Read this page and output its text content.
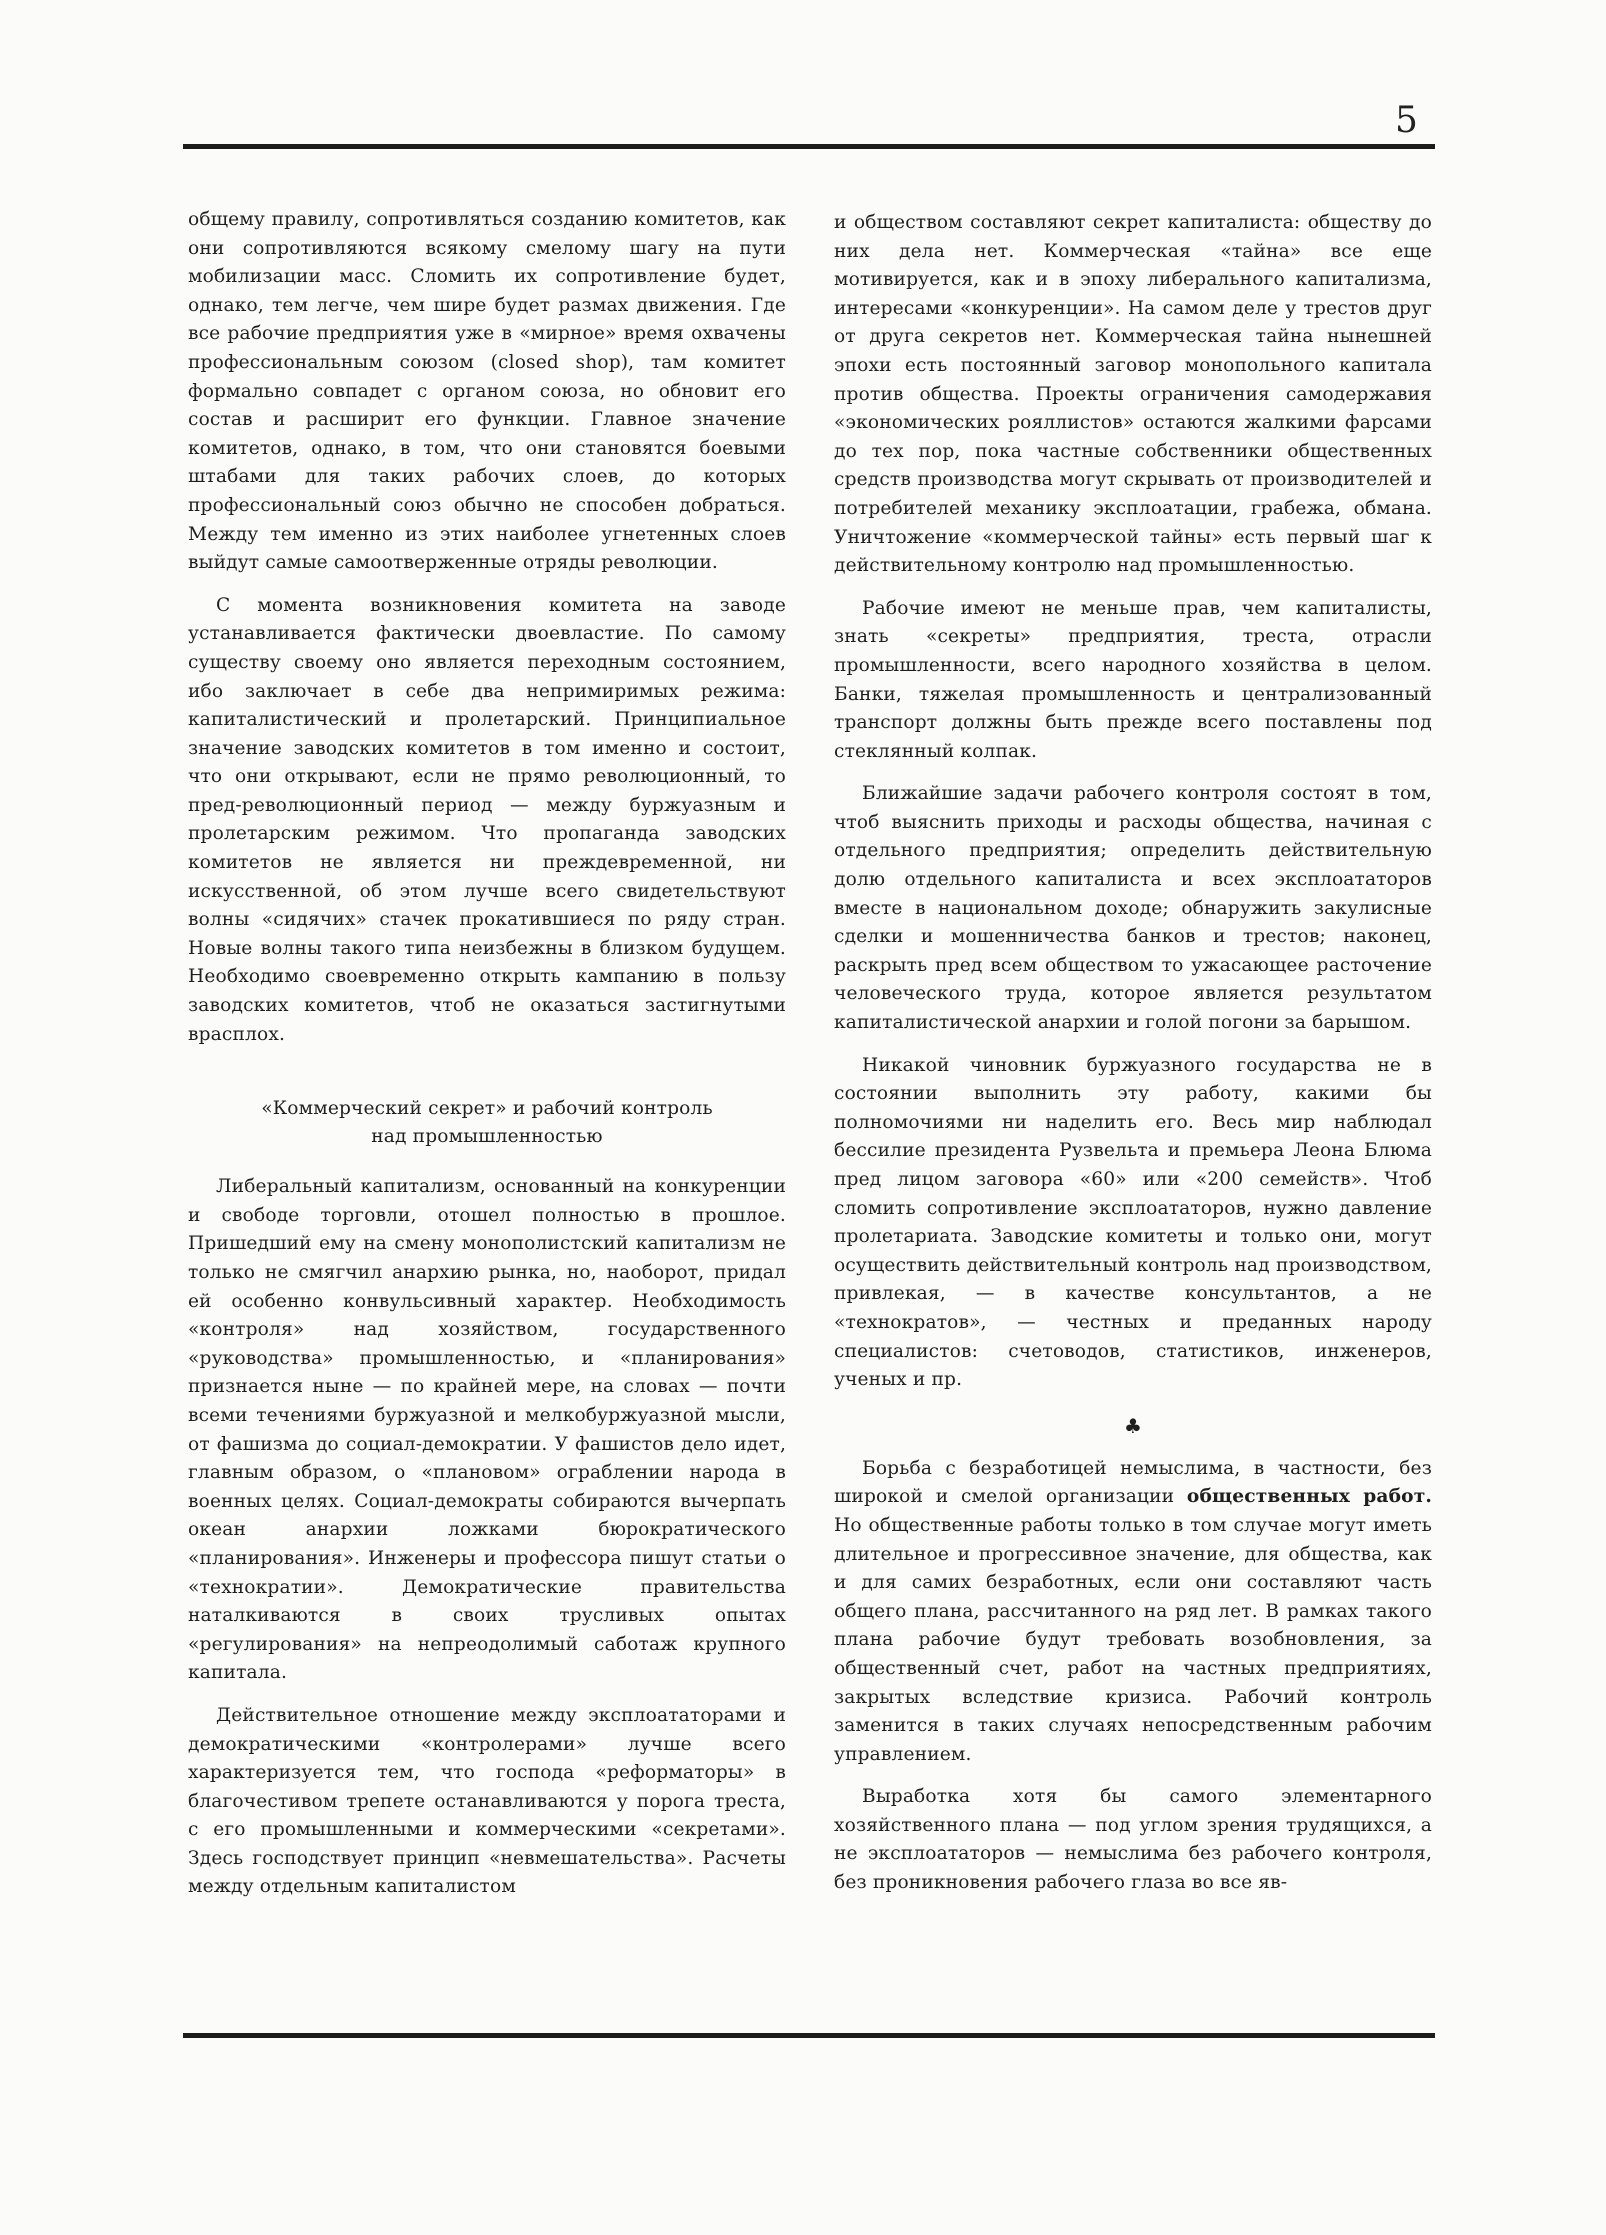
5

общему правилу, сопротивляться созданию комитетов, как они сопротивляются всякому смелому шагу на пути мобилизации масс. Сломить их сопротивление будет, однако, тем легче, чем шире будет размах движения. Где все рабочие предприятия уже в «мирное» время охвачены профессиональным союзом (closed shop), там комитет формально совпадет с органом союза, но обновит его состав и расширит его функции. Главное значение комитетов, однако, в том, что они становятся боевыми штабами для таких рабочих слоев, до которых профессиональный союз обычно не способен добраться. Между тем именно из этих наиболее угнетенных слоев выйдут самые самоотверженные отряды революции.

С момента возникновения комитета на заводе устанавливается фактически двоевластие. По самому существу своему оно является переходным состоянием, ибо заключает в себе два непримиримых режима: капиталистический и пролетарский. Принципиальное значение заводских комитетов в том именно и состоит, что они открывают, если не прямо революционный, то пред-революционный период — между буржуазным и пролетарским режимом. Что пропаганда заводских комитетов не является ни преждевременной, ни искусственной, об этом лучше всего свидетельствуют волны «сидячих» стачек прокатившиеся по ряду стран. Новые волны такого типа неизбежны в близком будущем. Необходимо своевременно открыть кампанию в пользу заводских комитетов, чтоб не оказаться застигнутыми врасплох.

«Коммерческий секрет» и рабочий контроль
над промышленностью

Либеральный капитализм, основанный на конкуренции и свободе торговли, отошел полностью в прошлое. Пришедший ему на смену монополистский капитализм не только не смягчил анархию рынка, но, наоборот, придал ей особенно конвульсивный характер. Необходимость «контроля» над хозяйством, государственного «руководства» промышленностью, и «планирования» признается ныне — по крайней мере, на словах — почти всеми течениями буржуазной и мелкобуржуазной мысли, от фашизма до социал-демократии. У фашистов дело идет, главным образом, о «плановом» ограблении народа в военных целях. Социал-демократы собираются вычерпать океан анархии ложками бюрократического «планирования». Инженеры и профессора пишут статьи о «технократии». Демократические правительства наталкиваются в своих трусливых опытах «регулирования» на непреодолимый саботаж крупного капитала.

Действительное отношение между эксплоататорами и демократическими «контролерами» лучше всего характеризуется тем, что господа «реформаторы» в благочестивом трепете останавливаются у порога треста, с его промышленными и коммерческими «секретами». Здесь господствует принцип «невмешательства». Расчеты между отдельным капиталистом

и обществом составляют секрет капиталиста: обществу до них дела нет. Коммерческая «тайна» все еще мотивируется, как и в эпоху либерального капитализма, интересами «конкуренции». На самом деле у трестов друг от друга секретов нет. Коммерческая тайна нынешней эпохи есть постоянный заговор монопольного капитала против общества. Проекты ограничения самодержавия «экономических рояллистов» остаются жалкими фарсами до тех пор, пока частные собственники общественных средств производства могут скрывать от производителей и потребителей механику эксплоатации, грабежа, обмана. Уничтожение «коммерческой тайны» есть первый шаг к действительному контролю над промышленностью.

Рабочие имеют не меньше прав, чем капиталисты, знать «секреты» предприятия, треста, отрасли промышленности, всего народного хозяйства в целом. Банки, тяжелая промышленность и централизованный транспорт должны быть прежде всего поставлены под стеклянный колпак.

Ближайшие задачи рабочего контроля состоят в том, чтоб выяснить приходы и расходы общества, начиная с отдельного предприятия; определить действительную долю отдельного капиталиста и всех эксплоататоров вместе в национальном доходе; обнаружить закулисные сделки и мошенничества банков и трестов; наконец, раскрыть пред всем обществом то ужасающее расточение человеческого труда, которое является результатом капиталистической анархии и голой погони за барышом.

Никакой чиновник буржуазного государства не в состоянии выполнить эту работу, какими бы полномочиями ни наделить его. Весь мир наблюдал бессилие президента Рузвельта и премьера Леона Блюма пред лицом заговора «60» или «200 семейств». Чтоб сломить сопротивление эксплоататоров, нужно давление пролетариата. Заводские комитеты и только они, могут осуществить действительный контроль над производством, привлекая, — в качестве консультантов, а не «технократов», — честных и преданных народу специалистов: счетоводов, статистиков, инженеров, ученых и пр.

♣

Борьба с безработицей немыслима, в частности, без широкой и смелой организации общественных работ. Но общественные работы только в том случае могут иметь длительное и прогрессивное значение, для общества, как и для самих безработных, если они составляют часть общего плана, рассчитанного на ряд лет. В рамках такого плана рабочие будут требовать возобновления, за общественный счет, работ на частных предприятиях, закрытых вследствие кризиса. Рабочий контроль заменится в таких случаях непосредственным рабочим управлением.

Выработка хотя бы самого элементарного хозяйственного плана — под углом зрения трудящихся, а не эксплоататоров — немыслима без рабочего контроля, без проникновения рабочего глаза во все яв-
